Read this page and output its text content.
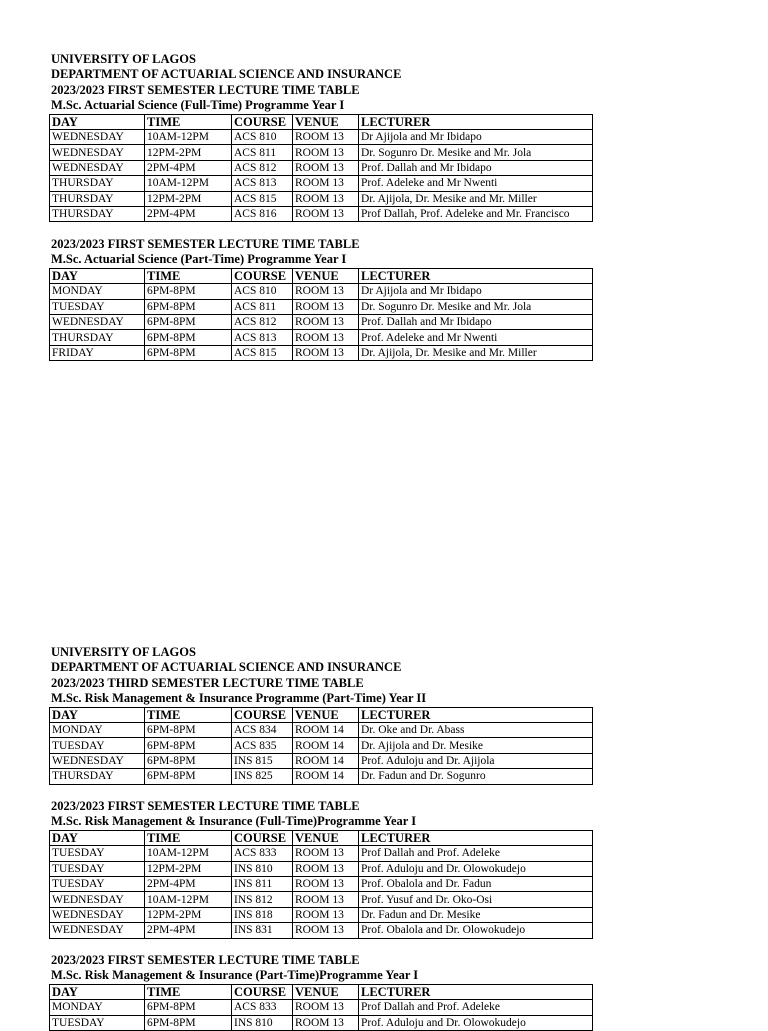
UNIVERSITY OF LAGOS
DEPARTMENT OF ACTUARIAL SCIENCE AND INSURANCE
2023/2023 FIRST SEMESTER LECTURE TIME TABLE
M.Sc. Actuarial Science (Full-Time) Programme Year I
DAY	TIME	COURSE	VENUE	LECTURER
WEDNESDAY	10AM-12PM	ACS 810	ROOM 13	Dr Ajijola and Mr Ibidapo
WEDNESDAY	12PM-2PM	ACS 811	ROOM 13	Dr. Sogunro Dr. Mesike and Mr. Jola
WEDNESDAY	2PM-4PM	ACS 812	ROOM 13	Prof. Dallah and Mr Ibidapo
THURSDAY	10AM-12PM	ACS 813	ROOM 13	Prof. Adeleke and Mr Nwenti
THURSDAY	12PM-2PM	ACS 815	ROOM 13	Dr. Ajijola, Dr. Mesike and Mr. Miller
THURSDAY	2PM-4PM	ACS 816	ROOM 13	Prof Dallah, Prof. Adeleke and Mr. Francisco
2023/2023 FIRST SEMESTER LECTURE TIME TABLE
M.Sc. Actuarial Science (Part-Time) Programme Year I
DAY	TIME	COURSE	VENUE	LECTURER
MONDAY	6PM-8PM	ACS 810	ROOM 13	Dr Ajijola and Mr Ibidapo
TUESDAY	6PM-8PM	ACS 811	ROOM 13	Dr. Sogunro Dr. Mesike and Mr. Jola
WEDNESDAY	6PM-8PM	ACS 812	ROOM 13	Prof. Dallah and Mr Ibidapo
THURSDAY	6PM-8PM	ACS 813	ROOM 13	Prof. Adeleke and Mr Nwenti
FRIDAY	6PM-8PM	ACS 815	ROOM 13	Dr. Ajijola, Dr. Mesike and Mr. Miller
UNIVERSITY OF LAGOS
DEPARTMENT OF ACTUARIAL SCIENCE AND INSURANCE
2023/2023 THIRD SEMESTER LECTURE TIME TABLE
M.Sc. Risk Management & Insurance Programme (Part-Time) Year II
DAY	TIME	COURSE	VENUE	LECTURER
MONDAY	6PM-8PM	ACS 834	ROOM 14	Dr. Oke and Dr. Abass
TUESDAY	6PM-8PM	ACS 835	ROOM 14	Dr. Ajijola and Dr. Mesike
WEDNESDAY	6PM-8PM	INS 815	ROOM 14	Prof. Aduloju and Dr. Ajijola
THURSDAY	6PM-8PM	INS 825	ROOM 14	Dr. Fadun and Dr. Sogunro
2023/2023 FIRST SEMESTER LECTURE TIME TABLE
M.Sc. Risk Management & Insurance (Full-Time)Programme Year I
DAY	TIME	COURSE	VENUE	LECTURER
TUESDAY	10AM-12PM	ACS 833	ROOM 13	Prof Dallah and Prof. Adeleke
TUESDAY	12PM-2PM	INS 810	ROOM 13	Prof. Aduloju and Dr. Olowokudejo
TUESDAY	2PM-4PM	INS 811	ROOM 13	Prof. Obalola and Dr. Fadun
WEDNESDAY	10AM-12PM	INS 812	ROOM 13	Prof. Yusuf and Dr. Oko-Osi
WEDNESDAY	12PM-2PM	INS 818	ROOM 13	Dr. Fadun and Dr. Mesike
WEDNESDAY	2PM-4PM	INS 831	ROOM 13	Prof. Obalola and Dr. Olowokudejo
2023/2023 FIRST SEMESTER LECTURE TIME TABLE
M.Sc. Risk Management & Insurance (Part-Time)Programme Year I
DAY	TIME	COURSE	VENUE	LECTURER
MONDAY	6PM-8PM	ACS 833	ROOM 13	Prof Dallah and Prof. Adeleke
TUESDAY	6PM-8PM	INS 810	ROOM 13	Prof. Aduloju and Dr. Olowokudejo
